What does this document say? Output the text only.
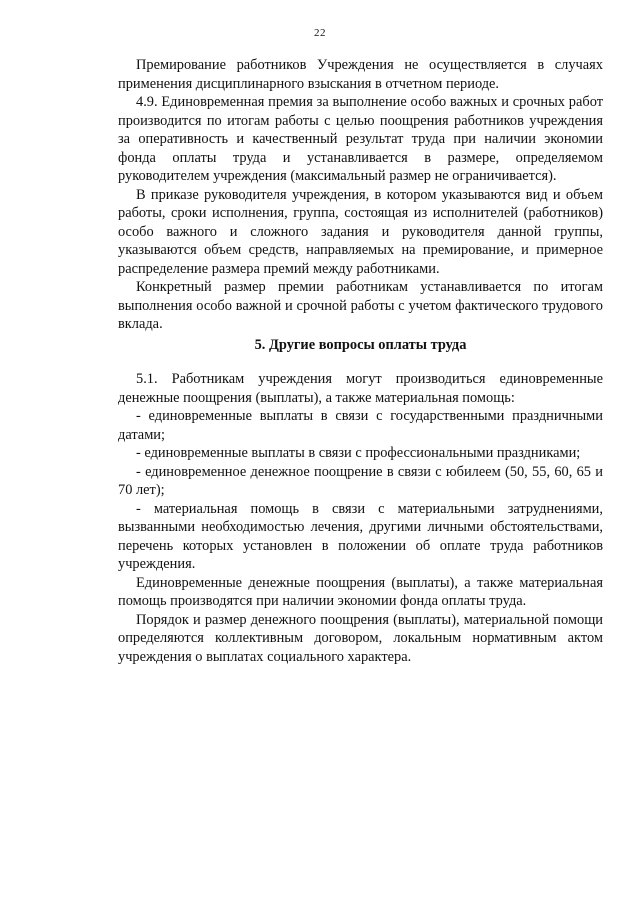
22

Премирование работников Учреждения не осуществляется в случаях применения дисциплинарного взыскания в отчетном периоде.

4.9. Единовременная премия за выполнение особо важных и срочных работ производится по итогам работы с целью поощрения работников учреждения за оперативность и качественный результат труда при наличии экономии фонда оплаты труда и устанавливается в размере, определяемом руководителем учреждения (максимальный размер не ограничивается).

В приказе руководителя учреждения, в котором указываются вид и объем работы, сроки исполнения, группа, состоящая из исполнителей (работников) особо важного и сложного задания и руководителя данной группы, указываются объем средств, направляемых на премирование, и примерное распределение размера премий между работниками.

Конкретный размер премии работникам устанавливается по итогам выполнения особо важной и срочной работы с учетом фактического трудового вклада.

5. Другие вопросы оплаты труда

5.1. Работникам учреждения могут производиться единовременные денежные поощрения (выплаты), а также материальная помощь:

- единовременные выплаты в связи с государственными праздничными датами;

- единовременные выплаты в связи с профессиональными праздниками;

- единовременное денежное поощрение в связи с юбилеем (50, 55, 60, 65 и 70 лет);

- материальная помощь в связи с материальными затруднениями, вызванными необходимостью лечения, другими личными обстоятельствами, перечень которых установлен в положении об оплате труда работников учреждения.

Единовременные денежные поощрения (выплаты), а также материальная помощь производятся при наличии экономии фонда оплаты труда.

Порядок и размер денежного поощрения (выплаты), материальной помощи определяются коллективным договором, локальным нормативным актом учреждения о выплатах социального характера.
